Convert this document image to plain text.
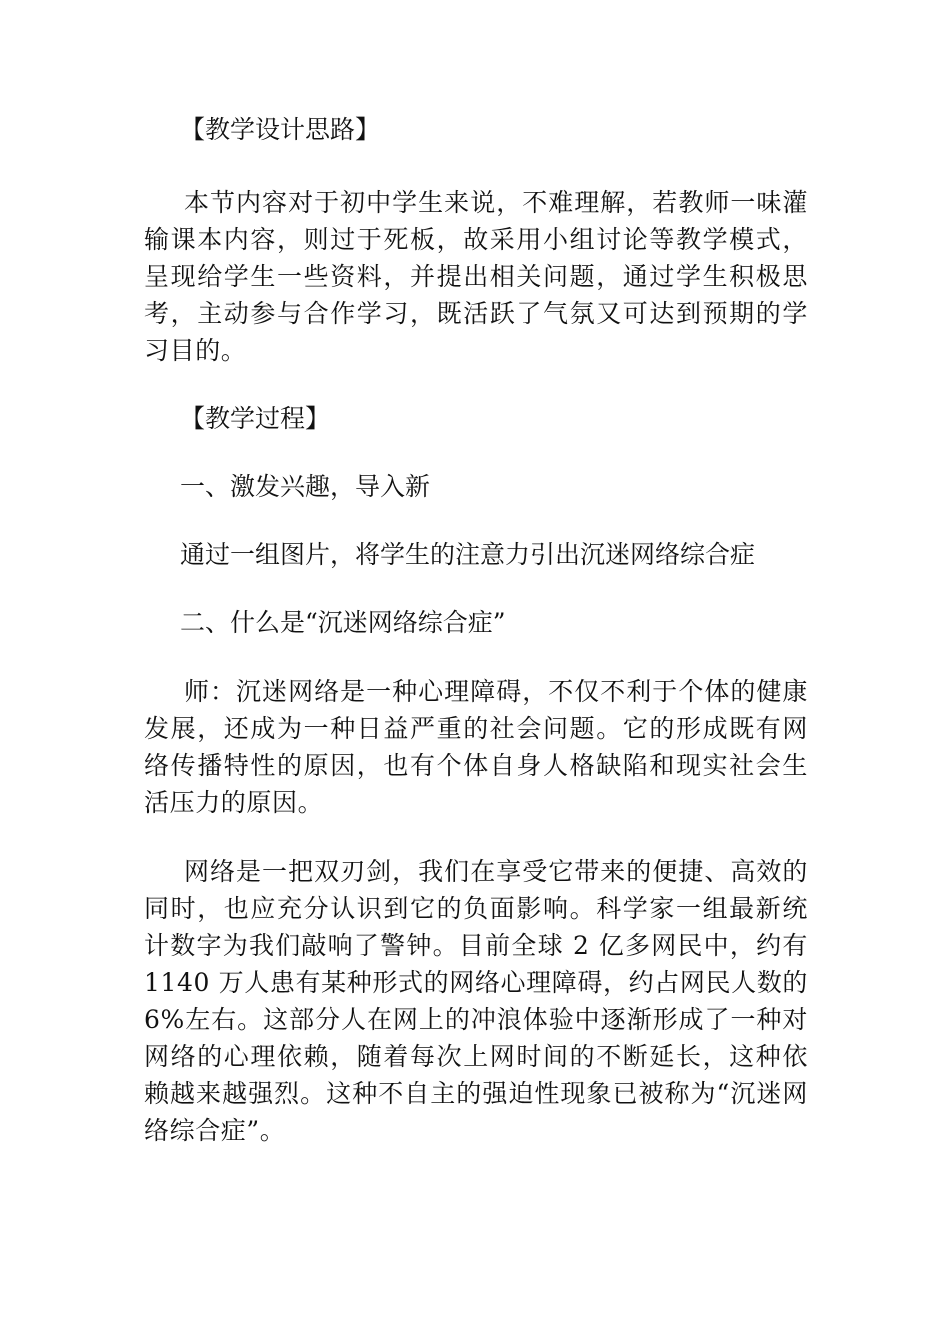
【教学设计思路】

本节内容对于初中学生来说，不难理解，若教师一味灌输课本内容，则过于死板，故采用小组讨论等教学模式，呈现给学生一些资料，并提出相关问题，通过学生积极思考，主动参与合作学习，既活跃了气氛又可达到预期的学习目的。

【教学过程】

一、激发兴趣，导入新

通过一组图片，将学生的注意力引出沉迷网络综合症

二、什么是“沉迷网络综合症”

师：沉迷网络是一种心理障碍，不仅不利于个体的健康发展，还成为一种日益严重的社会问题。它的形成既有网络传播特性的原因，也有个体自身人格缺陷和现实社会生活压力的原因。

网络是一把双刃剑，我们在享受它带来的便捷、高效的同时，也应充分认识到它的负面影响。科学家一组最新统计数字为我们敲响了警钟。目前全球 2 亿多网民中，约有 1140 万人患有某种形式的网络心理障碍，约占网民人数的 6%左右。这部分人在网上的冲浪体验中逐渐形成了一种对网络的心理依赖，随着每次上网时间的不断延长，这种依赖越来越强烈。这种不自主的强迫性现象已被称为“沉迷网络综合症”。
